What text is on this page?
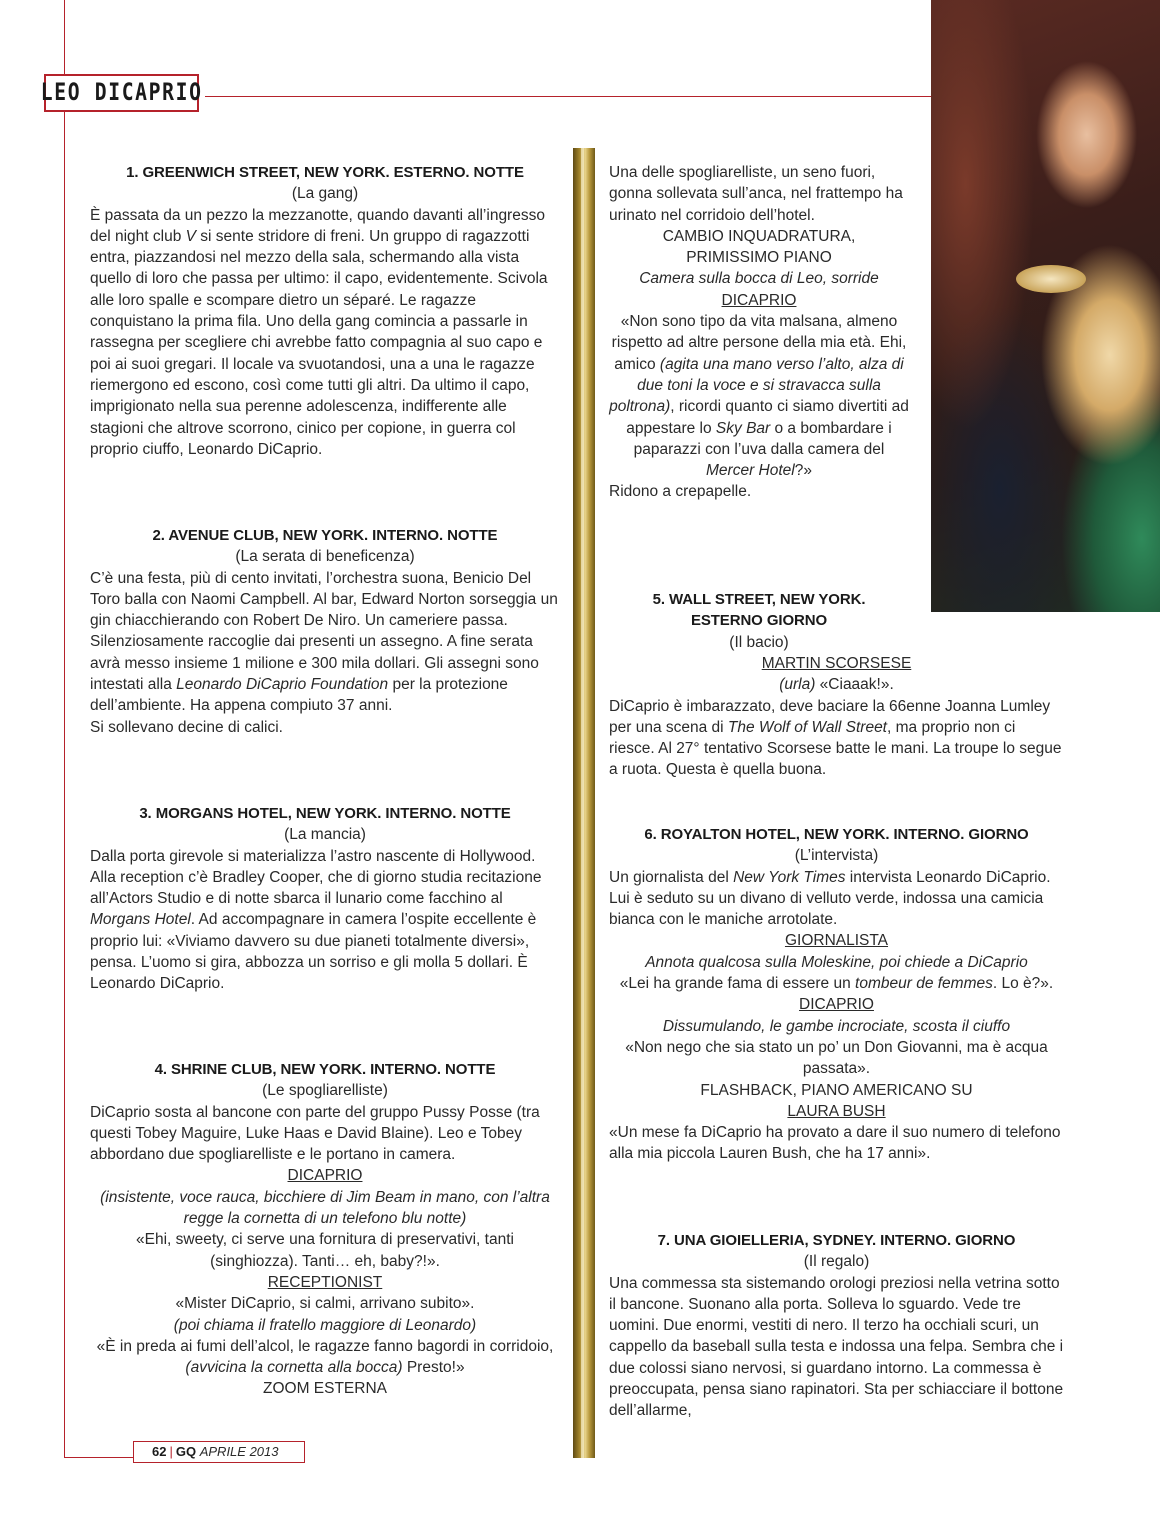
LEO DICAPRIO
1. GREENWICH STREET, NEW YORK. ESTERNO. NOTTE
(La gang)

È passata da un pezzo la mezzanotte, quando davanti all’ingresso del night club V si sente stridore di freni. Un gruppo di ragazzotti entra, piazzandosi nel mezzo della sala, schermando alla vista quello di loro che passa per ultimo: il capo, evidentemente. Scivola alle loro spalle e scompare dietro un séparé. Le ragazze conquistano la prima fila. Uno della gang comincia a passarle in rassegna per scegliere chi avrebbe fatto compagnia al suo capo e poi ai suoi gregari. Il locale va svuotandosi, una a una le ragazze riemergono ed escono, così come tutti gli altri. Da ultimo il capo, imprigionato nella sua perenne adolescenza, indifferente alle stagioni che altrove scorrono, cinico per copione, in guerra col proprio ciuffo, Leonardo DiCaprio.

2. AVENUE CLUB, NEW YORK. INTERNO. NOTTE
(La serata di beneficenza)

C’è una festa, più di cento invitati, l’orchestra suona, Benicio Del Toro balla con Naomi Campbell. Al bar, Edward Norton sorseggia un gin chiacchierando con Robert De Niro. Un cameriere passa. Silenziosamente raccoglie dai presenti un assegno. A fine serata avrà messo insieme 1 milione e 300 mila dollari. Gli assegni sono intestati alla Leonardo DiCaprio Foundation per la protezione dell’ambiente. Ha appena compiuto 37 anni.

Si sollevano decine di calici.

3. MORGANS HOTEL, NEW YORK. INTERNO. NOTTE
(La mancia)

Dalla porta girevole si materializza l’astro nascente di Hollywood. Alla reception c’è Bradley Cooper, che di giorno studia recitazione all’Actors Studio e di notte sbarca il lunario come facchino al Morgans Hotel. Ad accompagnare in camera l’ospite eccellente è proprio lui: «Viviamo davvero su due pianeti totalmente diversi», pensa. L’uomo si gira, abbozza un sorriso e gli molla 5 dollari. È Leonardo DiCaprio.

4. SHRINE CLUB, NEW YORK. INTERNO. NOTTE
(Le spogliarelliste)

DiCaprio sosta al bancone con parte del gruppo Pussy Posse (tra questi Tobey Maguire, Luke Haas e David Blaine). Leo e Tobey abbordano due spogliarelliste e le portano in camera.

DICAPRIO
(insistente, voce rauca, bicchiere di Jim Beam in mano, con l’altra regge la cornetta di un telefono blu notte)
«Ehi, sweety, ci serve una fornitura di preservativi, tanti (singhiozza). Tanti… eh, baby?!».
RECEPTIONIST
«Mister DiCaprio, si calmi, arrivano subito».
(poi chiama il fratello maggiore di Leonardo)
«È in preda ai fumi dell’alcol, le ragazze fanno bagordi in corridoio, (avvicina la cornetta alla bocca) Presto!»
ZOOM ESTERNA

Una delle spogliarelliste, un seno fuori, gonna sollevata sull’anca, nel frattempo ha urinato nel corridoio dell’hotel.

CAMBIO INQUADRATURA,
PRIMISSIMO PIANO
Camera sulla bocca di Leo, sorride
DICAPRIO
«Non sono tipo da vita malsana, almeno rispetto ad altre persone della mia età. Ehi, amico (agita una mano verso l’alto, alza di due toni la voce e si stravacca sulla poltrona), ricordi quanto ci siamo divertiti ad appestare lo Sky Bar o a bombardare i paparazzi con l’uva dalla camera del Mercer Hotel?»

Ridono a crepapelle.

5. WALL STREET, NEW YORK.
ESTERNO GIORNO
(Il bacio)
MARTIN SCORSESE
(urla) «Ciaaak!».

DiCaprio è imbarazzato, deve baciare la 66enne Joanna Lumley per una scena di The Wolf of Wall Street, ma proprio non ci riesce. Al 27° tentativo Scorsese batte le mani. La troupe lo segue a ruota. Questa è quella buona.

6. ROYALTON HOTEL, NEW YORK. INTERNO. GIORNO
(L’intervista)

Un giornalista del New York Times intervista Leonardo DiCaprio. Lui è seduto su un divano di velluto verde, indossa una camicia bianca con le maniche arrotolate.

GIORNALISTA
Annota qualcosa sulla Moleskine, poi chiede a DiCaprio
«Lei ha grande fama di essere un tombeur de femmes. Lo è?».
DICAPRIO
Dissumulando, le gambe incrociate, scosta il ciuffo
«Non nego che sia stato un po’ un Don Giovanni, ma è acqua passata».
FLASHBACK, PIANO AMERICANO SU
LAURA BUSH

«Un mese fa DiCaprio ha provato a dare il suo numero di telefono alla mia piccola Lauren Bush, che ha 17 anni».

7. UNA GIOIELLERIA, SYDNEY. INTERNO. GIORNO
(Il regalo)

Una commessa sta sistemando orologi preziosi nella vetrina sotto il bancone. Suonano alla porta. Solleva lo sguardo. Vede tre uomini. Due enormi, vestiti di nero. Il terzo ha occhiali scuri, un cappello da baseball sulla testa e indossa una felpa. Sembra che i due colossi siano nervosi, si guardano intorno. La commessa è preoccupata, pensa siano rapinatori. Sta per schiacciare il bottone dell’allarme,

62 | GQ APRILE 2013
